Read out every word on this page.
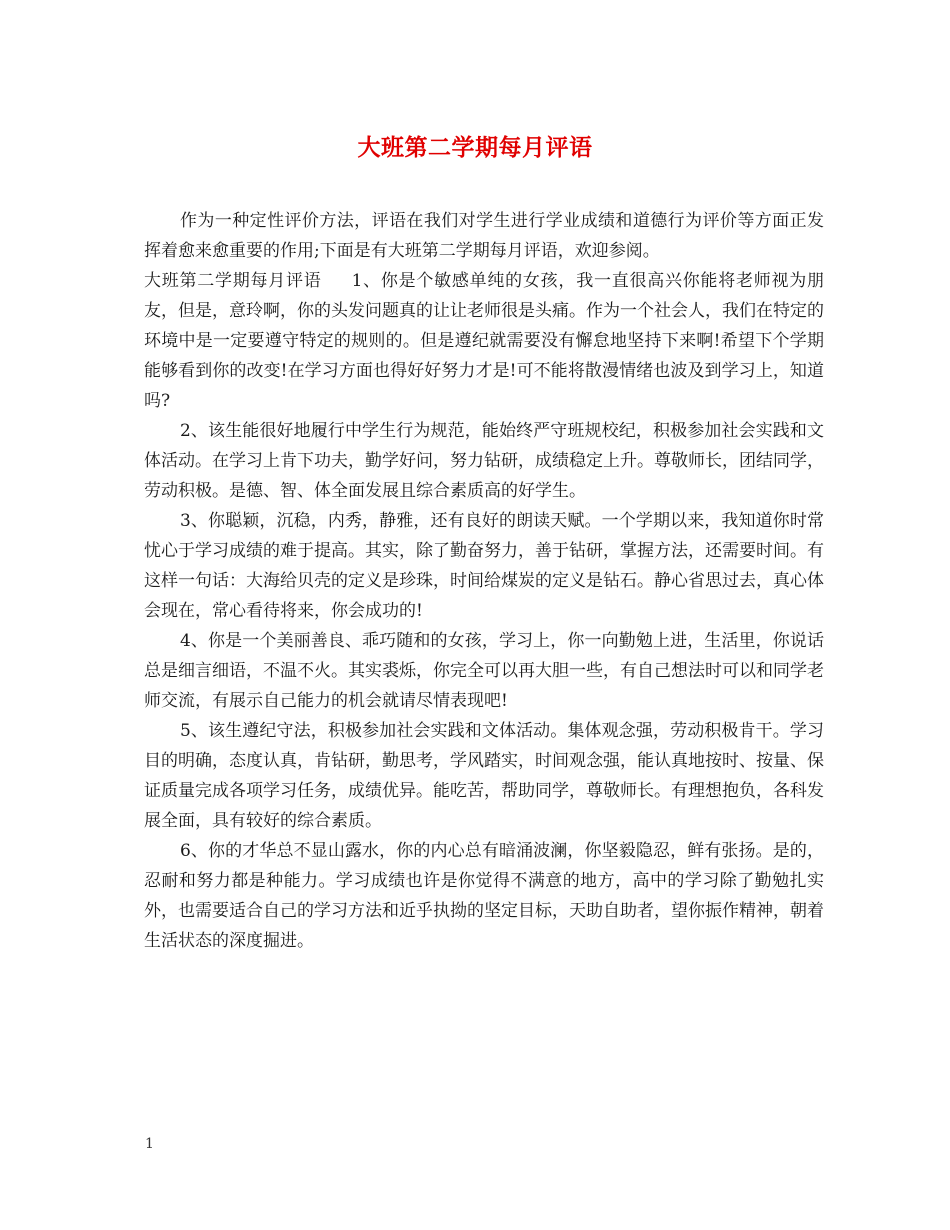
大班第二学期每月评语

作为一种定性评价方法，评语在我们对学生进行学业成绩和道德行为评价等方面正发挥着愈来愈重要的作用;下面是有大班第二学期每月评语，欢迎参阅。

大班第二学期每月评语 1、你是个敏感单纯的女孩，我一直很高兴你能将老师视为朋友，但是，意玲啊，你的头发问题真的让让老师很是头痛。作为一个社会人，我们在特定的环境中是一定要遵守特定的规则的。但是遵纪就需要没有懈怠地坚持下来啊!希望下个学期能够看到你的改变!在学习方面也得好好努力才是!可不能将散漫情绪也波及到学习上，知道吗?

2、该生能很好地履行中学生行为规范，能始终严守班规校纪，积极参加社会实践和文体活动。在学习上肯下功夫，勤学好问，努力钻研，成绩稳定上升。尊敬师长，团结同学，劳动积极。是德、智、体全面发展且综合素质高的好学生。

3、你聪颖，沉稳，内秀，静雅，还有良好的朗读天赋。一个学期以来，我知道你时常忧心于学习成绩的难于提高。其实，除了勤奋努力，善于钻研，掌握方法，还需要时间。有这样一句话：大海给贝壳的定义是珍珠，时间给煤炭的定义是钻石。静心省思过去，真心体会现在，常心看待将来，你会成功的!

4、你是一个美丽善良、乖巧随和的女孩，学习上，你一向勤勉上进，生活里，你说话总是细言细语，不温不火。其实裘烁，你完全可以再大胆一些，有自己想法时可以和同学老师交流，有展示自己能力的机会就请尽情表现吧!

5、该生遵纪守法，积极参加社会实践和文体活动。集体观念强，劳动积极肯干。学习目的明确，态度认真，肯钻研，勤思考，学风踏实，时间观念强，能认真地按时、按量、保证质量完成各项学习任务，成绩优异。能吃苦，帮助同学，尊敬师长。有理想抱负，各科发展全面，具有较好的综合素质。

6、你的才华总不显山露水，你的内心总有暗涌波澜，你坚毅隐忍，鲜有张扬。是的，忍耐和努力都是种能力。学习成绩也许是你觉得不满意的地方，高中的学习除了勤勉扎实外，也需要适合自己的学习方法和近乎执拗的坚定目标，天助自助者，望你振作精神，朝着生活状态的深度掘进。

1
